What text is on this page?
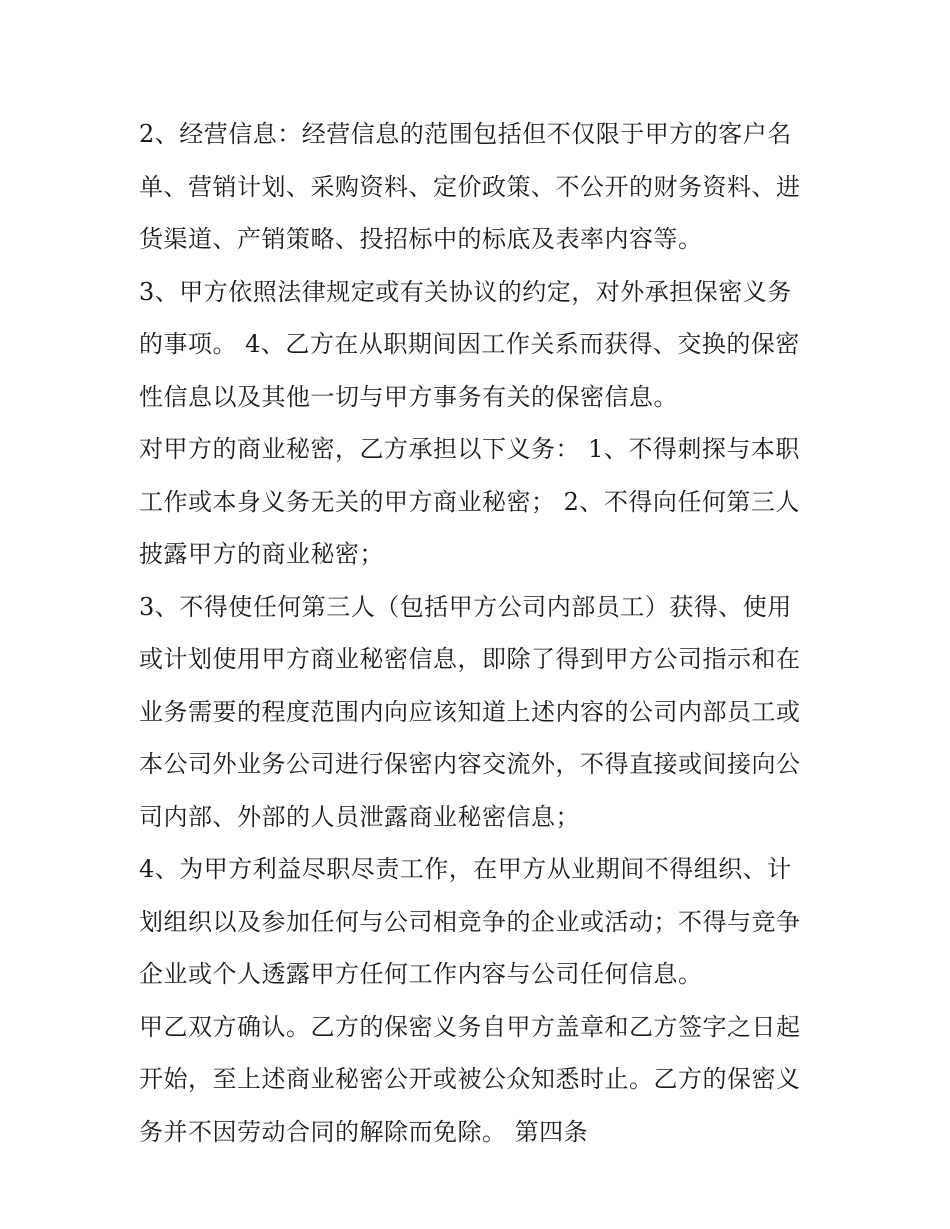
2、经营信息：经营信息的范围包括但不仅限于甲方的客户名
单、营销计划、采购资料、定价政策、不公开的财务资料、进
货渠道、产销策略、投招标中的标底及表率内容等。
3、甲方依照法律规定或有关协议的约定，对外承担保密义务
的事项。 4、乙方在从职期间因工作关系而获得、交换的保密
性信息以及其他一切与甲方事务有关的保密信息。
对甲方的商业秘密，乙方承担以下义务： 1、不得刺探与本职
工作或本身义务无关的甲方商业秘密； 2、不得向任何第三人
披露甲方的商业秘密；
3、不得使任何第三人（包括甲方公司内部员工）获得、使用
或计划使用甲方商业秘密信息，即除了得到甲方公司指示和在
业务需要的程度范围内向应该知道上述内容的公司内部员工或
本公司外业务公司进行保密内容交流外，不得直接或间接向公
司内部、外部的人员泄露商业秘密信息；
4、为甲方利益尽职尽责工作，在甲方从业期间不得组织、计
划组织以及参加任何与公司相竞争的企业或活动；不得与竞争
企业或个人透露甲方任何工作内容与公司任何信息。
甲乙双方确认。乙方的保密义务自甲方盖章和乙方签字之日起
开始，至上述商业秘密公开或被公众知悉时止。乙方的保密义
务并不因劳动合同的解除而免除。 第四条
